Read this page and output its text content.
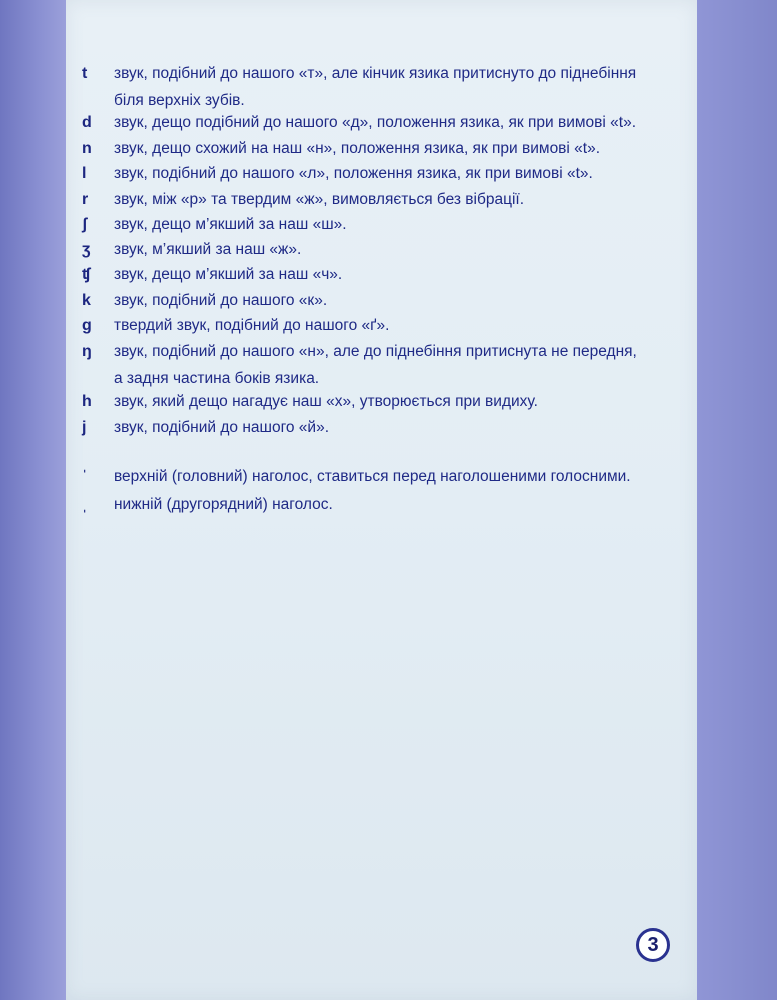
t	звук, подібний до нашого «т», але кінчик язика притиснуто до піднебіння
біля верхніх зубів.
d	звук, дещо подібний до нашого «д», положення язика, як при вимові «t».
n	звук, дещо схожий на наш «н», положення язика, як при вимові «t».
l	звук, подібний до нашого «л», положення язика, як при вимові «t».
r	звук, між «р» та твердим «ж», вимовляється без вібрації.
ʃ	звук, дещо м’якший за наш «ш».
ʒ	звук, м’якший за наш «ж».
ʧ	звук, дещо м’якший за наш «ч».
k	звук, подібний до нашого «к».
g	твердий звук, подібний до нашого «ґ».
ŋ	звук, подібний до нашого «н», але до піднебіння притиснута не передня,
а задня частина боків язика.
h	звук, який дещо нагадує наш «х», утворюється при видиху.
j	звук, подібний до нашого «й».
ˈ	верхній (головний) наголос, ставиться перед наголошеними голосними.
ˌ	нижній (другорядний) наголос.
3
